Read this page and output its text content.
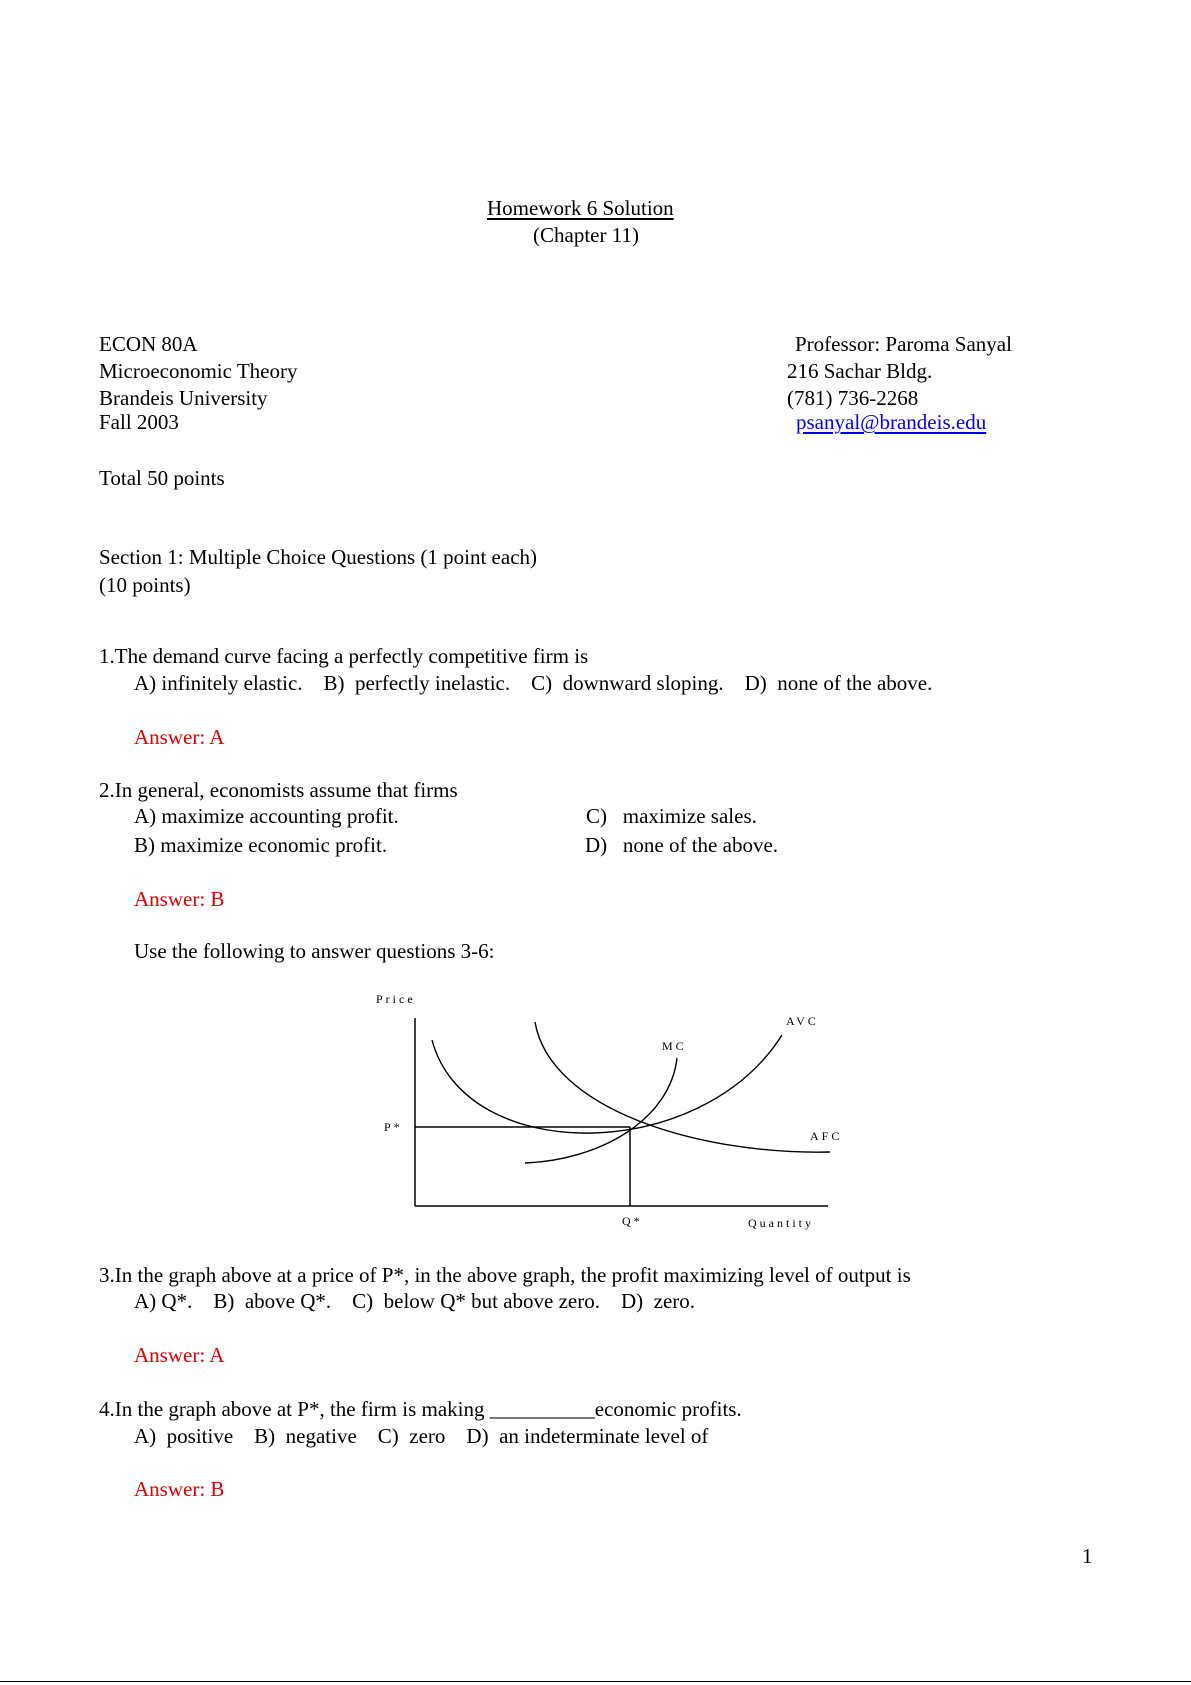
Homework 6 Solution
(Chapter 11)
ECON 80A
Microeconomic Theory
Brandeis University
Fall 2003
Professor: Paroma Sanyal
216 Sachar Bldg.
(781) 736-2268
psanyal@brandeis.edu
Total 50 points
Section 1: Multiple Choice Questions (1 point each)
(10 points)
1.The demand curve facing a perfectly competitive firm is
A) infinitely elastic.    B)  perfectly inelastic.    C)  downward sloping.    D)  none of the above.
Answer: A
2.In general, economists assume that firms
A) maximize accounting profit.
B) maximize economic profit.
C)   maximize sales.
D)   none of the above.
Answer: B
Use the following to answer questions 3-6:
Price
P*
AVC
MC
AFC
Q*	Quantity
3.In the graph above at a price of P*, in the above graph, the profit maximizing level of output is
A) Q*.    B)  above Q*.    C)  below Q* but above zero.    D)  zero.
Answer: A
4.In the graph above at P*, the firm is making __________economic profits.
A)  positive    B)  negative    C)  zero    D)  an indeterminate level of
Answer: B
1
